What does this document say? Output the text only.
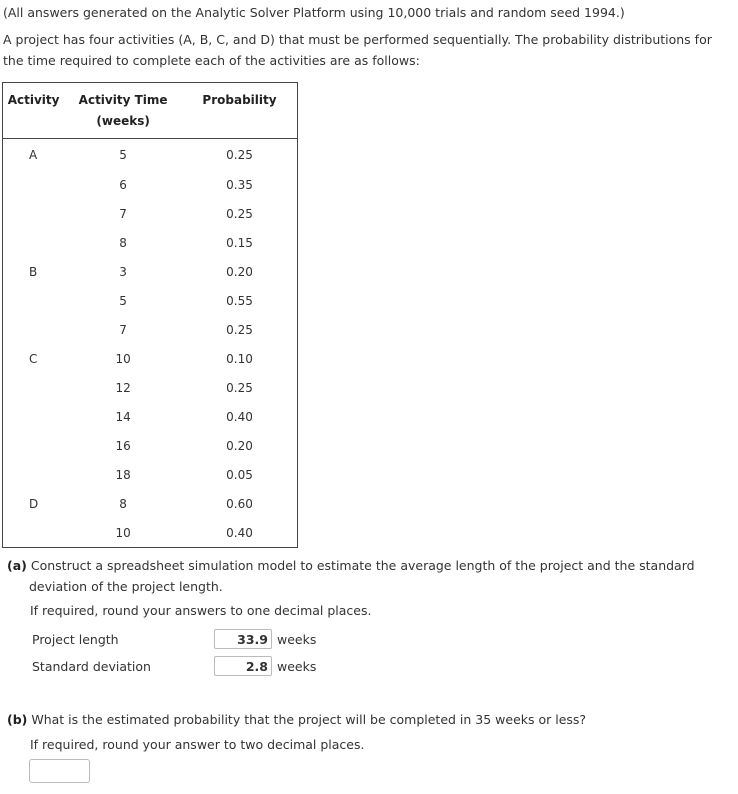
(All answers generated on the Analytic Solver Platform using 10,000 trials and random seed 1994.)
A project has four activities (A, B, C, and D) that must be performed sequentially. The probability distributions for the time required to complete each of the activities are as follows:
Activity	Activity Time (weeks)	Probability
A	5	0.25
	6	0.35
	7	0.25
	8	0.15
B	3	0.20
	5	0.55
	7	0.25
C	10	0.10
	12	0.25
	14	0.40
	16	0.20
	18	0.05
D	8	0.60
	10	0.40
(a) Construct a spreadsheet simulation model to estimate the average length of the project and the standard deviation of the project length.
If required, round your answers to one decimal places.
Project length	33.9 weeks
Standard deviation	2.8 weeks
(b) What is the estimated probability that the project will be completed in 35 weeks or less?
If required, round your answer to two decimal places.
